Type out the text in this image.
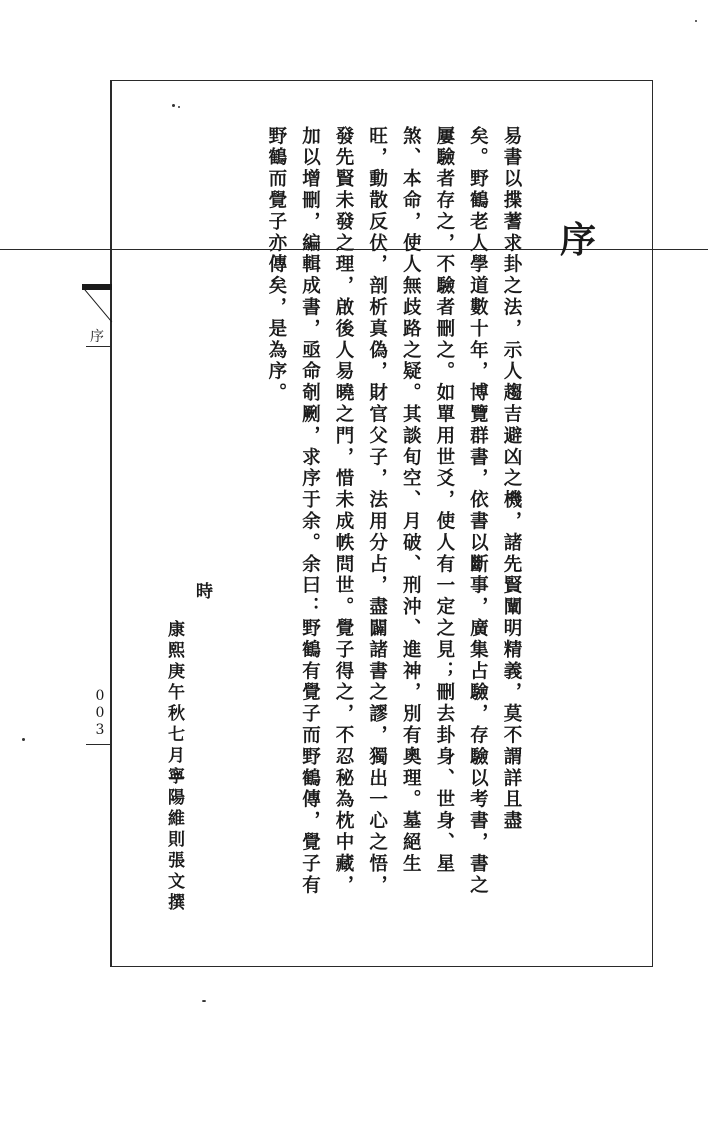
序
003
序
易書以揲蓍求卦之法，示人趨吉避凶之機，諸先賢闡明精義，莫不謂詳且盡
矣。野鶴老人學道數十年，博覽群書，依書以斷事，廣集占驗，存驗以考書，書之
屢驗者存之，不驗者刪之。如單用世爻，使人有一定之見；刪去卦身、世身、星
煞、本命，使人無歧路之疑。其談旬空、月破、刑沖、進神，別有奧理。墓絕生
旺，動散反伏，剖析真偽，財官父子，法用分占，盡闢諸書之謬，獨出一心之悟，
發先賢未發之理，啟後人易曉之門，惜未成帙問世。覺子得之，不忍秘為枕中藏，
加以增刪，編輯成書，亟命剞劂，求序于余。余曰：野鶴有覺子而野鶴傳，覺子有
野鶴而覺子亦傳矣，是為序。
時
康熙庚午秋七月寧陽維則張文撰
